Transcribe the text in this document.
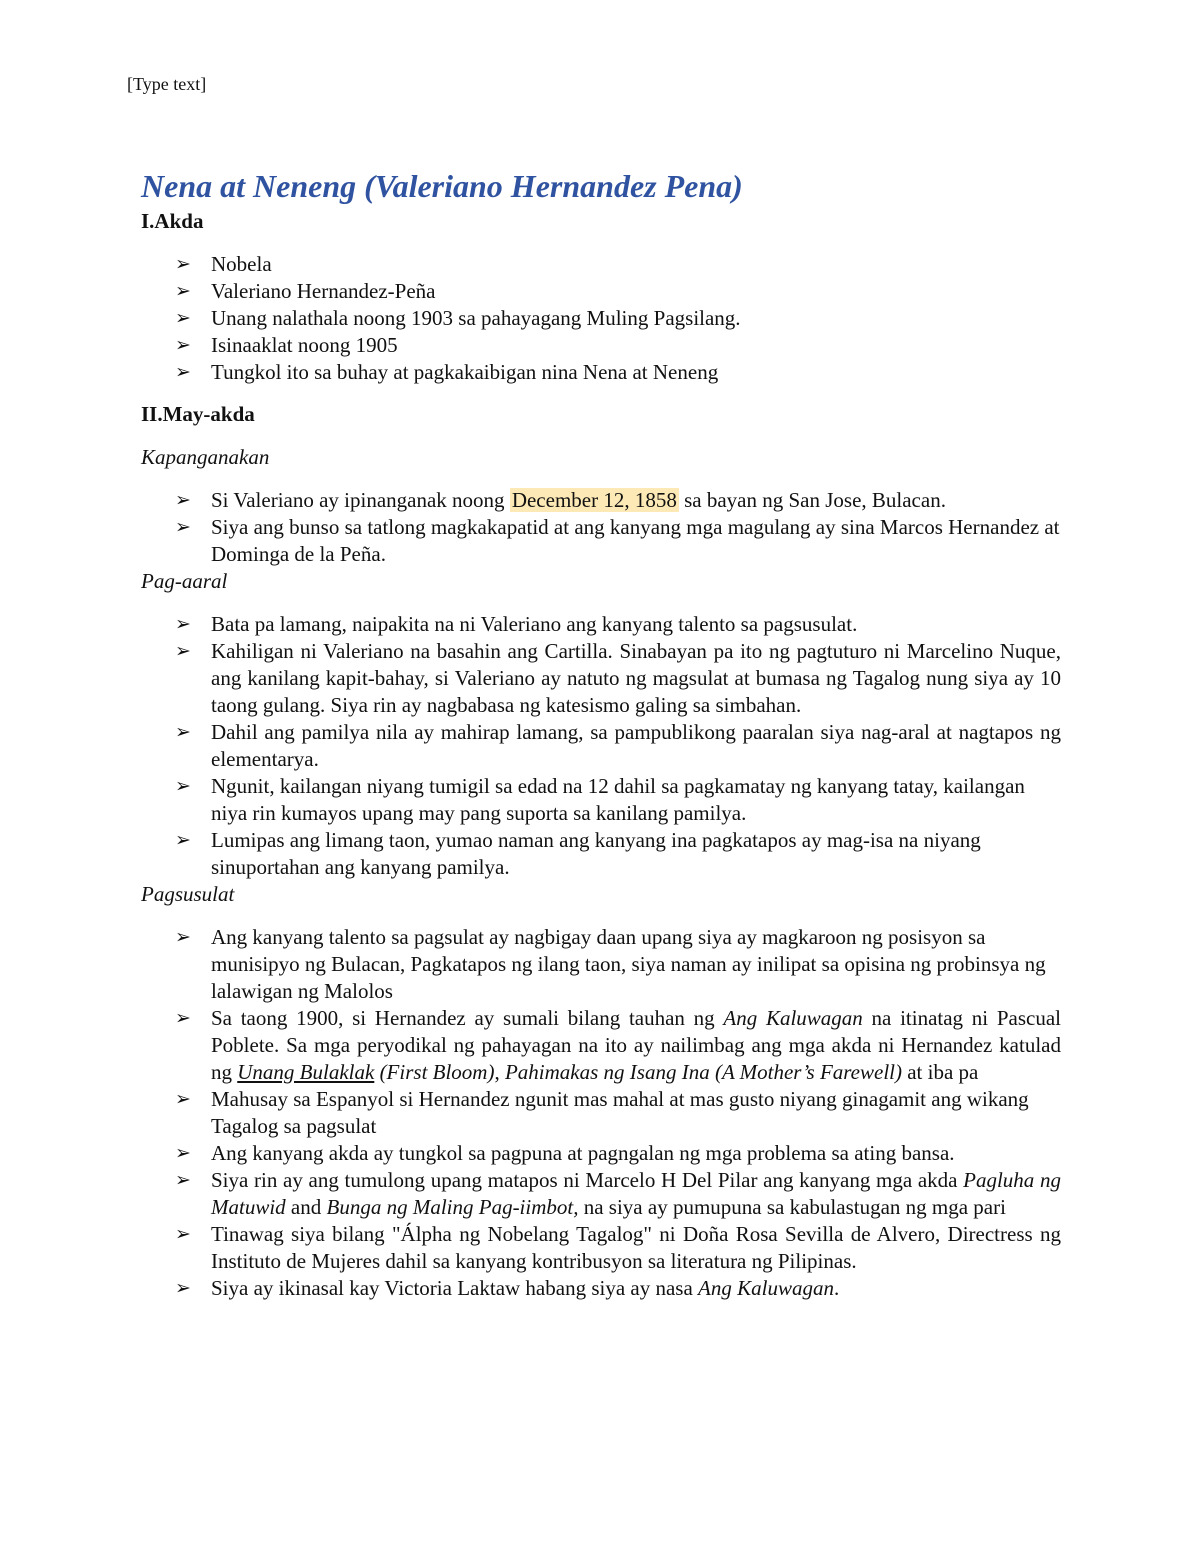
[Type text]
Nena at Neneng (Valeriano Hernandez Pena)

I.Akda

➢ Nobela
➢ Valeriano Hernandez-Peña
➢ Unang nalathala noong 1903 sa pahayagang Muling Pagsilang.
➢ Isinaaklat noong 1905
➢ Tungkol ito sa buhay at pagkakaibigan nina Nena at Neneng

II.May-akda

Kapanganakan

➢ Si Valeriano ay ipinanganak noong December 12, 1858 sa bayan ng San Jose, Bulacan.
➢ Siya ang bunso sa tatlong magkakapatid at ang kanyang mga magulang ay sina Marcos Hernandez at Dominga de la Peña.

Pag-aaral

➢ Bata pa lamang, naipakita na ni Valeriano ang kanyang talento sa pagsusulat.
➢ Kahiligan ni Valeriano na basahin ang Cartilla. Sinabayan pa ito ng pagtuturo ni Marcelino Nuque, ang kanilang kapit-bahay, si Valeriano ay natuto ng magsulat at bumasa ng Tagalog nung siya ay 10 taong gulang. Siya rin ay nagbabasa ng katesismo galing sa simbahan.
➢ Dahil ang pamilya nila ay mahirap lamang, sa pampublikong paaralan siya nag-aral at nagtapos ng elementarya.
➢ Ngunit, kailangan niyang tumigil sa edad na 12 dahil sa pagkamatay ng kanyang tatay, kailangan niya rin kumayos upang may pang suporta sa kanilang pamilya.
➢ Lumipas ang limang taon, yumao naman ang kanyang ina pagkatapos ay mag-isa na niyang sinuportahan ang kanyang pamilya.

Pagsusulat

➢ Ang kanyang talento sa pagsulat ay nagbigay daan upang siya ay magkaroon ng posisyon sa munisipyo ng Bulacan, Pagkatapos ng ilang taon, siya naman ay inilipat sa opisina ng probinsya ng lalawigan ng Malolos
➢ Sa taong 1900, si Hernandez ay sumali bilang tauhan ng Ang Kaluwagan na itinatag ni Pascual Poblete. Sa mga peryodikal ng pahayagan na ito ay nailimbag ang mga akda ni Hernandez katulad ng Unang Bulaklak (First Bloom), Pahimakas ng Isang Ina (A Mother’s Farewell) at iba pa
➢ Mahusay sa Espanyol si Hernandez ngunit mas mahal at mas gusto niyang ginagamit ang wikang Tagalog sa pagsulat
➢ Ang kanyang akda ay tungkol sa pagpuna at pagngalan ng mga problema sa ating bansa.
➢ Siya rin ay ang tumulong upang matapos ni Marcelo H Del Pilar ang kanyang mga akda Pagluha ng Matuwid and Bunga ng Maling Pag-iimbot, na siya ay pumupuna sa kabulastugan ng mga pari
➢ Tinawag siya bilang "Álpha ng Nobelang Tagalog" ni Doña Rosa Sevilla de Alvero, Directress ng Instituto de Mujeres dahil sa kanyang kontribusyon sa literatura ng Pilipinas.
➢ Siya ay ikinasal kay Victoria Laktaw habang siya ay nasa Ang Kaluwagan.
